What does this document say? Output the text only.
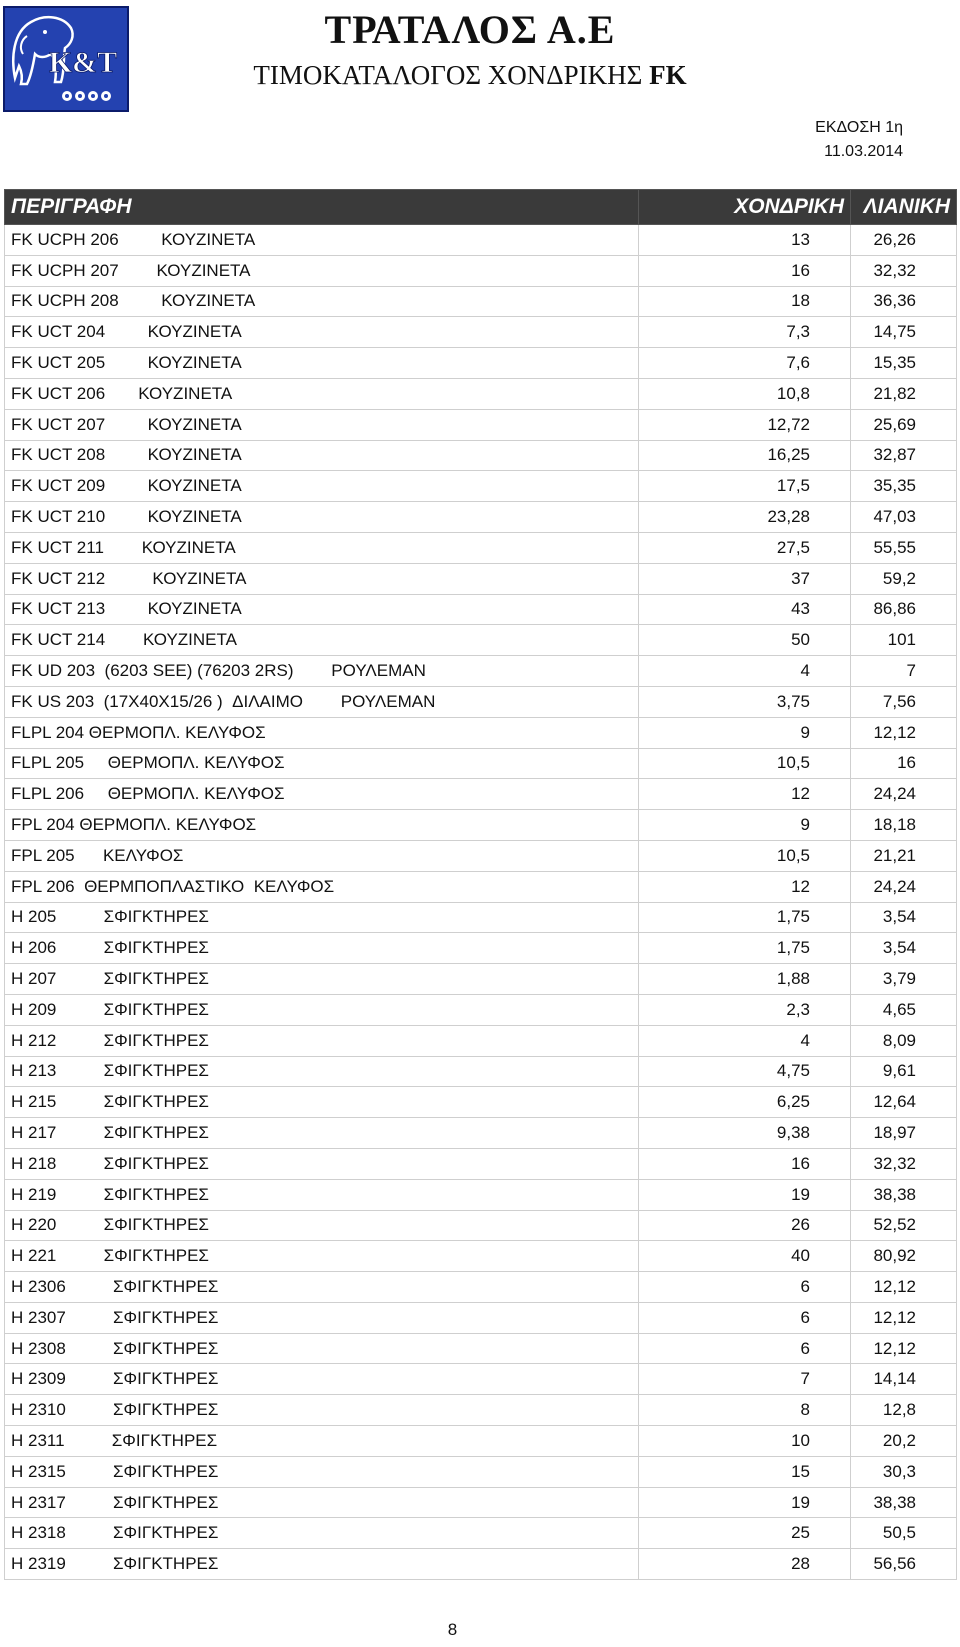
K&T
ΤΡΑΤΑΛΟΣ Α.Ε
ΤΙΜΟΚΑΤΑΛΟΓΟΣ ΧΟΝΔΡΙΚΗΣ FK
ΕΚΔΟΣΗ 1η
11.03.2014
ΠΕΡΙΓΡΑΦΗ	ΧΟΝΔΡΙΚΗ	ΛΙΑΝΙΚΗ
FK UCPH 206         ΚΟΥΖΙΝΕΤΑ	13	26,26
FK UCPH 207        ΚΟΥΖΙΝΕΤΑ	16	32,32
FK UCPH 208         ΚΟΥΖΙΝΕΤΑ	18	36,36
FK UCT 204         ΚΟΥΖΙΝΕΤΑ	7,3	14,75
FK UCT 205         ΚΟΥΖΙΝΕΤΑ	7,6	15,35
FK UCT 206       ΚΟΥΖΙΝΕΤΑ	10,8	21,82
FK UCT 207         ΚΟΥΖΙΝΕΤΑ	12,72	25,69
FK UCT 208         ΚΟΥΖΙΝΕΤΑ	16,25	32,87
FK UCT 209         ΚΟΥΖΙΝΕΤΑ	17,5	35,35
FK UCT 210         ΚΟΥΖΙΝΕΤΑ	23,28	47,03
FK UCT 211        ΚΟΥΖΙΝΕΤΑ	27,5	55,55
FK UCT 212          ΚΟΥΖΙΝΕΤΑ	37	59,2
FK UCT 213         ΚΟΥΖΙΝΕΤΑ	43	86,86
FK UCT 214        ΚΟΥΖΙΝΕΤΑ	50	101
FK UD 203  (6203 SEE) (76203 2RS)        ΡΟΥΛΕΜΑΝ	4	7
FK US 203  (17X40X15/26 )  ΔΙΛΑΙΜΟ        ΡΟΥΛΕΜΑΝ	3,75	7,56
FLPL 204 ΘΕΡΜΟΠΛ. ΚΕΛΥΦΟΣ	9	12,12
FLPL 205     ΘΕΡΜΟΠΛ. ΚΕΛΥΦΟΣ	10,5	16
FLPL 206     ΘΕΡΜΟΠΛ. ΚΕΛΥΦΟΣ	12	24,24
FPL 204 ΘΕΡΜΟΠΛ. ΚΕΛΥΦΟΣ	9	18,18
FPL 205      ΚΕΛΥΦΟΣ	10,5	21,21
FPL 206  ΘΕΡΜΠΟΠΛΑΣΤΙΚΟ  ΚΕΛΥΦΟΣ	12	24,24
H 205          ΣΦΙΓΚΤΗΡΕΣ	1,75	3,54
H 206          ΣΦΙΓΚΤΗΡΕΣ	1,75	3,54
H 207          ΣΦΙΓΚΤΗΡΕΣ	1,88	3,79
H 209          ΣΦΙΓΚΤΗΡΕΣ	2,3	4,65
H 212          ΣΦΙΓΚΤΗΡΕΣ	4	8,09
H 213          ΣΦΙΓΚΤΗΡΕΣ	4,75	9,61
H 215          ΣΦΙΓΚΤΗΡΕΣ	6,25	12,64
H 217          ΣΦΙΓΚΤΗΡΕΣ	9,38	18,97
H 218          ΣΦΙΓΚΤΗΡΕΣ	16	32,32
H 219          ΣΦΙΓΚΤΗΡΕΣ	19	38,38
H 220          ΣΦΙΓΚΤΗΡΕΣ	26	52,52
H 221          ΣΦΙΓΚΤΗΡΕΣ	40	80,92
H 2306          ΣΦΙΓΚΤΗΡΕΣ	6	12,12
H 2307          ΣΦΙΓΚΤΗΡΕΣ	6	12,12
H 2308          ΣΦΙΓΚΤΗΡΕΣ	6	12,12
H 2309          ΣΦΙΓΚΤΗΡΕΣ	7	14,14
H 2310          ΣΦΙΓΚΤΗΡΕΣ	8	12,8
H 2311          ΣΦΙΓΚΤΗΡΕΣ	10	20,2
H 2315          ΣΦΙΓΚΤΗΡΕΣ	15	30,3
H 2317          ΣΦΙΓΚΤΗΡΕΣ	19	38,38
H 2318          ΣΦΙΓΚΤΗΡΕΣ	25	50,5
H 2319          ΣΦΙΓΚΤΗΡΕΣ	28	56,56
8
